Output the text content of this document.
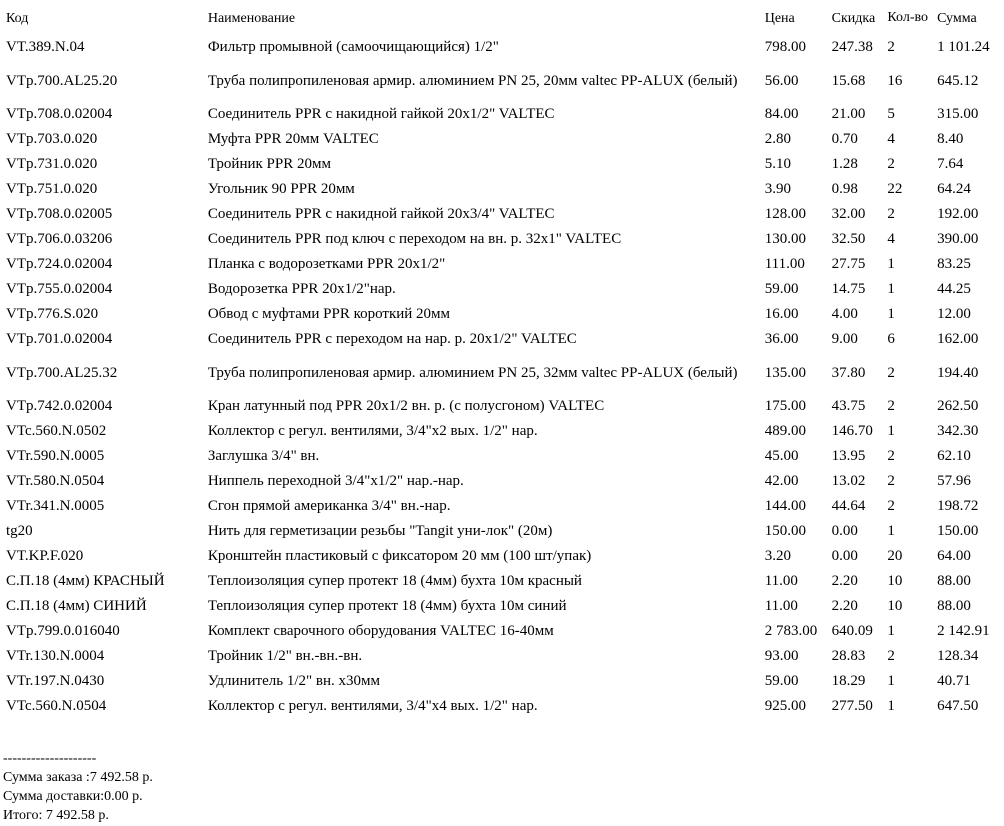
Код	Наименование	Цена	Скидка	Кол-во	Сумма
VT.389.N.04	Фильтр промывной (самоочищающийся) 1/2"	798.00	247.38	2	1 101.24
VTp.700.AL25.20	Труба полипропиленовая армир. алюминием PN 25, 20мм valtec PP-ALUX (белый)	56.00	15.68	16	645.12
VTp.708.0.02004	Соединитель PPR с накидной гайкой 20x1/2" VALTEC	84.00	21.00	5	315.00
VTp.703.0.020	Муфта PPR 20мм VALTEC	2.80	0.70	4	8.40
VTp.731.0.020	Тройник PPR 20мм	5.10	1.28	2	7.64
VTp.751.0.020	Угольник 90 PPR 20мм	3.90	0.98	22	64.24
VTp.708.0.02005	Соединитель PPR с накидной гайкой 20x3/4" VALTEC	128.00	32.00	2	192.00
VTp.706.0.03206	Соединитель PPR под ключ с переходом на вн. р. 32x1" VALTEC	130.00	32.50	4	390.00
VTp.724.0.02004	Планка с водорозетками PPR 20x1/2"	111.00	27.75	1	83.25
VTp.755.0.02004	Водорозетка PPR 20x1/2"нар.	59.00	14.75	1	44.25
VTp.776.S.020	Обвод с муфтами PPR короткий 20мм	16.00	4.00	1	12.00
VTp.701.0.02004	Соединитель PPR с переходом на нар. р. 20x1/2" VALTEC	36.00	9.00	6	162.00
VTp.700.AL25.32	Труба полипропиленовая армир. алюминием PN 25, 32мм valtec PP-ALUX (белый)	135.00	37.80	2	194.40
VTp.742.0.02004	Кран латунный под PPR 20x1/2 вн. р. (с полусгоном) VALTEC	175.00	43.75	2	262.50
VTc.560.N.0502	Коллектор с регул. вентилями, 3/4"x2 вых. 1/2" нар.	489.00	146.70	1	342.30
VTr.590.N.0005	Заглушка 3/4" вн.	45.00	13.95	2	62.10
VTr.580.N.0504	Ниппель переходной 3/4"x1/2" нар.-нар.	42.00	13.02	2	57.96
VTr.341.N.0005	Сгон прямой американка 3/4" вн.-нар.	144.00	44.64	2	198.72
tg20	Нить для герметизации резьбы "Tangit уни-лок" (20м)	150.00	0.00	1	150.00
VT.KP.F.020	Кронштейн пластиковый с фиксатором 20 мм (100 шт/упак)	3.20	0.00	20	64.00
С.П.18 (4мм) КРАСНЫЙ	Теплоизоляция супер протект 18 (4мм) бухта 10м красный	11.00	2.20	10	88.00
С.П.18 (4мм) СИНИЙ	Теплоизоляция супер протект 18 (4мм) бухта 10м синий	11.00	2.20	10	88.00
VTp.799.0.016040	Комплект сварочного оборудования VALTEC 16-40мм	2 783.00	640.09	1	2 142.91
VTr.130.N.0004	Тройник 1/2" вн.-вн.-вн.	93.00	28.83	2	128.34
VTr.197.N.0430	Удлинитель 1/2" вн. x30мм	59.00	18.29	1	40.71
VTc.560.N.0504	Коллектор с регул. вентилями, 3/4"x4 вых. 1/2" нар.	925.00	277.50	1	647.50
--------------------
Сумма заказа :7 492.58 р.
Сумма доставки:0.00 р.
Итого: 7 492.58 р.
